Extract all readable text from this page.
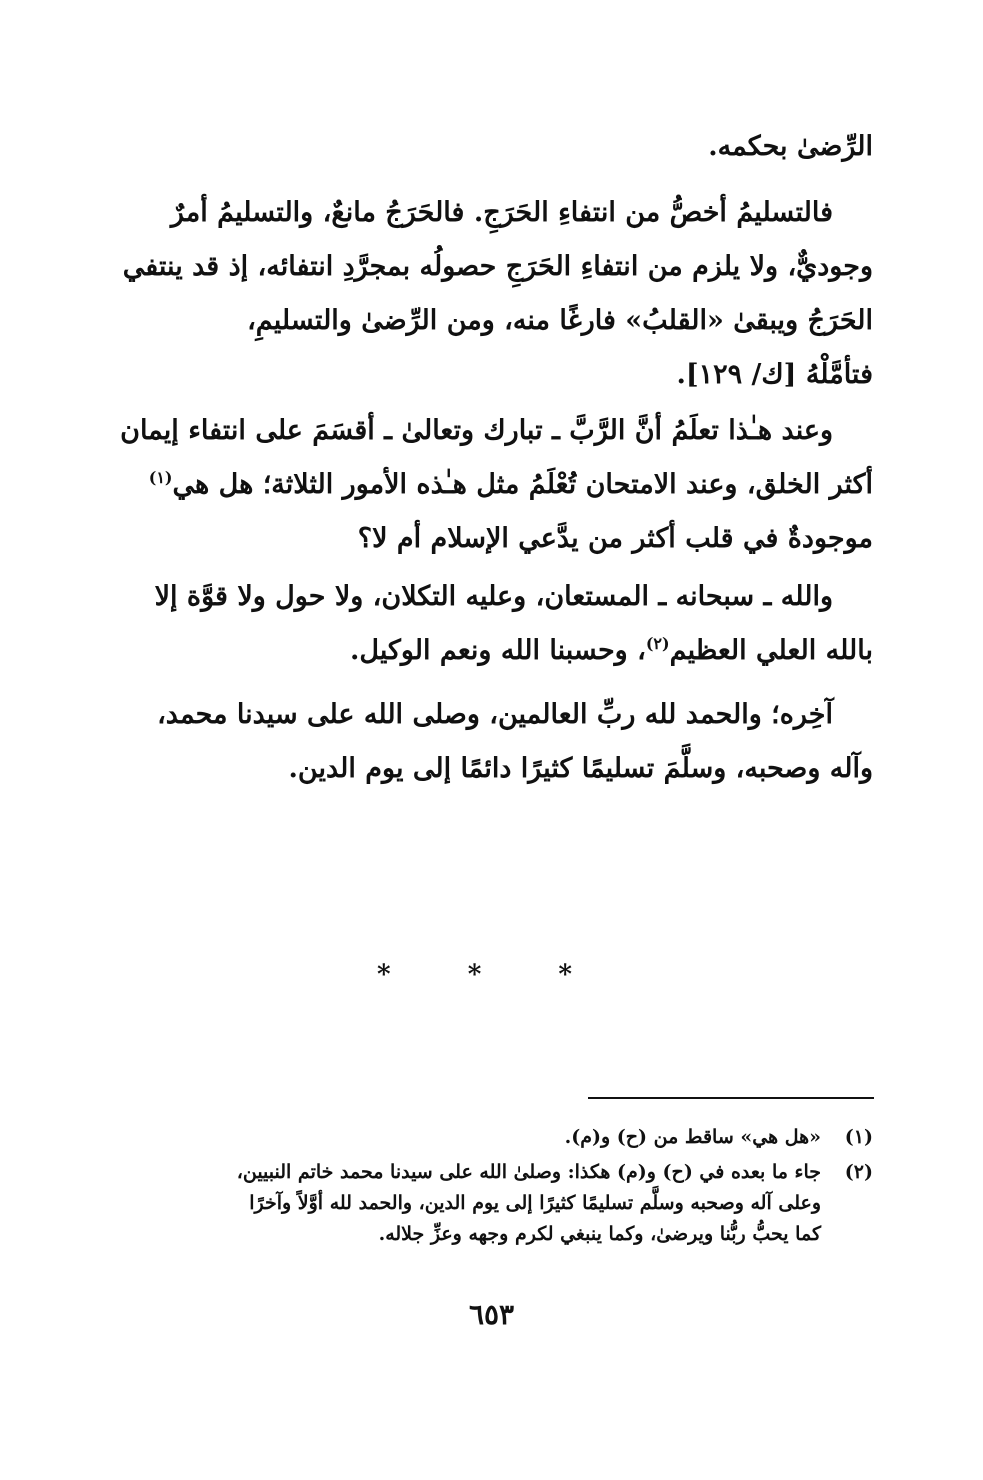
الرِّضىٰ بحكمه.
فالتسليمُ أخصُّ من انتفاءِ الحَرَجِ. فالحَرَجُ مانعٌ، والتسليمُ أمرٌ
وجوديٌّ، ولا يلزم من انتفاءِ الحَرَجِ حصولُه بمجرَّدِ انتفائه، إذ قد ينتفي
الحَرَجُ ويبقىٰ «القلبُ» فارغًا منه، ومن الرِّضىٰ والتسليمِ،
فتأمَّلْهُ [ك/ ١٢٩].
وعند هـٰذا تعلَمُ أنَّ الرَّبَّ ـ تبارك وتعالىٰ ـ أقسَمَ على انتفاء إيمان
أكثر الخلق، وعند الامتحان تُعْلَمُ مثل هـٰذه الأمور الثلاثة؛ هل هي$^{(١)}$
موجودةٌ في قلب أكثر من يدَّعي الإسلام أم لا؟
والله ـ سبحانه ـ المستعان، وعليه التكلان، ولا حول ولا قوَّة إلا
بالله العلي العظيم$^{(٢)}$، وحسبنا الله ونعم الوكيل.
آخِره؛ والحمد لله ربِّ العالمين، وصلى الله على سيدنا محمد،
وآله وصحبه، وسلَّمَ تسليمًا كثيرًا دائمًا إلى يوم الدين.
* * *
(١)
«هل هي» ساقط من (ح) و(م).
(٢)
جاء ما بعده في (ح) و(م) هكذا: وصلىٰ الله على سيدنا محمد خاتم النبيين،
وعلى آله وصحبه وسلَّم تسليمًا كثيرًا إلى يوم الدين، والحمد لله أوَّلاً وآخرًا
كما يحبُّ ربُّنا ويرضىٰ، وكما ينبغي لكرم وجهه وعزِّ جلاله.
٦٥٣
